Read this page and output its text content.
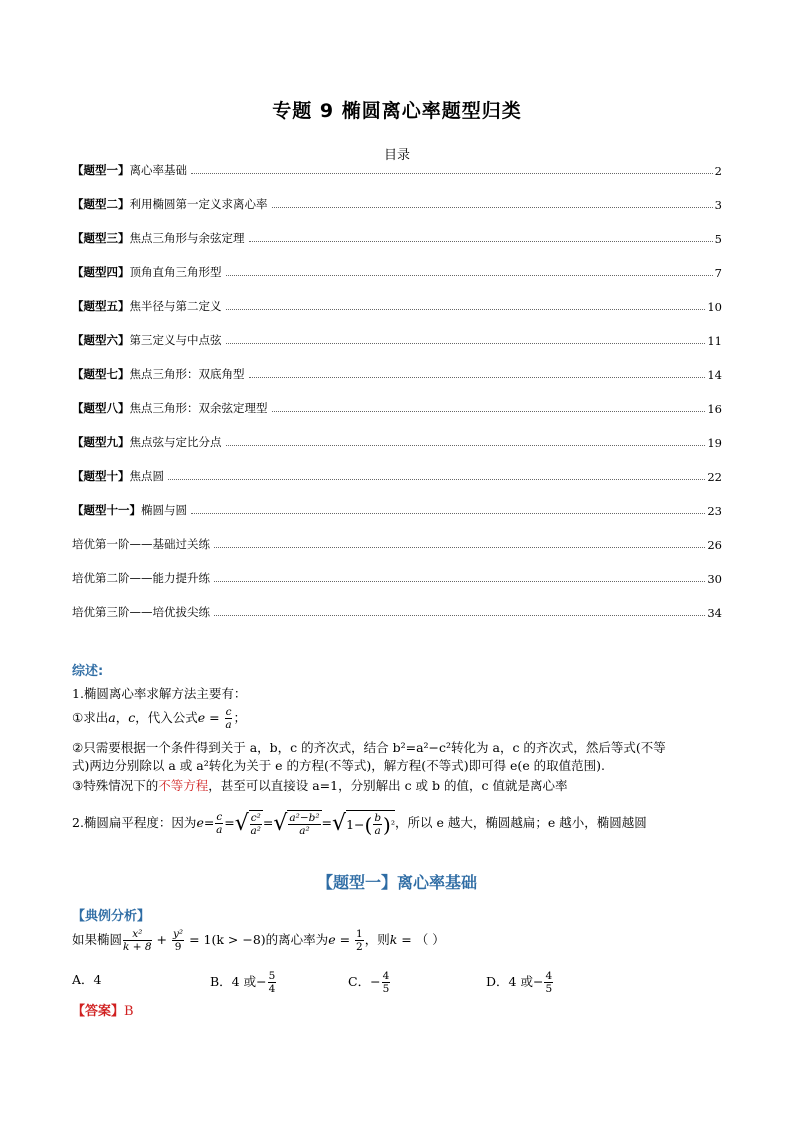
专题 9 椭圆离心率题型归类
目录
【题型一】离心率基础	2
【题型二】利用椭圆第一定义求离心率	3
【题型三】焦点三角形与余弦定理	5
【题型四】顶角直角三角形型	7
【题型五】焦半径与第二定义	10
【题型六】第三定义与中点弦	11
【题型七】焦点三角形：双底角型	14
【题型八】焦点三角形：双余弦定理型	16
【题型九】焦点弦与定比分点	19
【题型十】焦点圆	22
【题型十一】椭圆与圆	23
培优第一阶——基础过关练	26
培优第二阶——能力提升练	30
培优第三阶——培优拔尖练	34
综述:
1.椭圆离心率求解方法主要有：
①求出a，c，代入公式$e = \frac{c}{a}$ ；
②只需要根据一个条件得到关于 a，b，c 的齐次式，结合 b²=a²−c²转化为 a，c 的齐次式，然后等式(不等
式)两边分别除以 a 或 a²转化为关于 e 的方程(不等式)，解方程(不等式)即可得 e(e 的取值范围).
③特殊情况下的不等方程，甚至可以直接设 a=1，分别解出 c 或 b 的值，c 值就是离心率
2.椭圆扁平程度：因为$e= \frac{c}{a}$ = √ $\frac{\text{c²}}{\text{a²}}$ = √ $\frac{\text{a²−b²}}{\text{a²}}$ = √ 1− ( $\frac{b}{a}$ ) ² ，所以 e 越大，椭圆越扁；e 越小，椭圆越圆
【题型一】离心率基础
【典例分析】
如果椭圆 $\frac{\text{x²}}{k + 8} + \frac{\text{y²}}{9} = 1(k > -8)$的离心率为$e = \frac{1}{2}$ ，则k = （ ）
A．4	B．4 或− $\frac{5}{4}$	C．− $\frac{4}{5}$	D．4 或− $\frac{4}{5}$
【答案】B
